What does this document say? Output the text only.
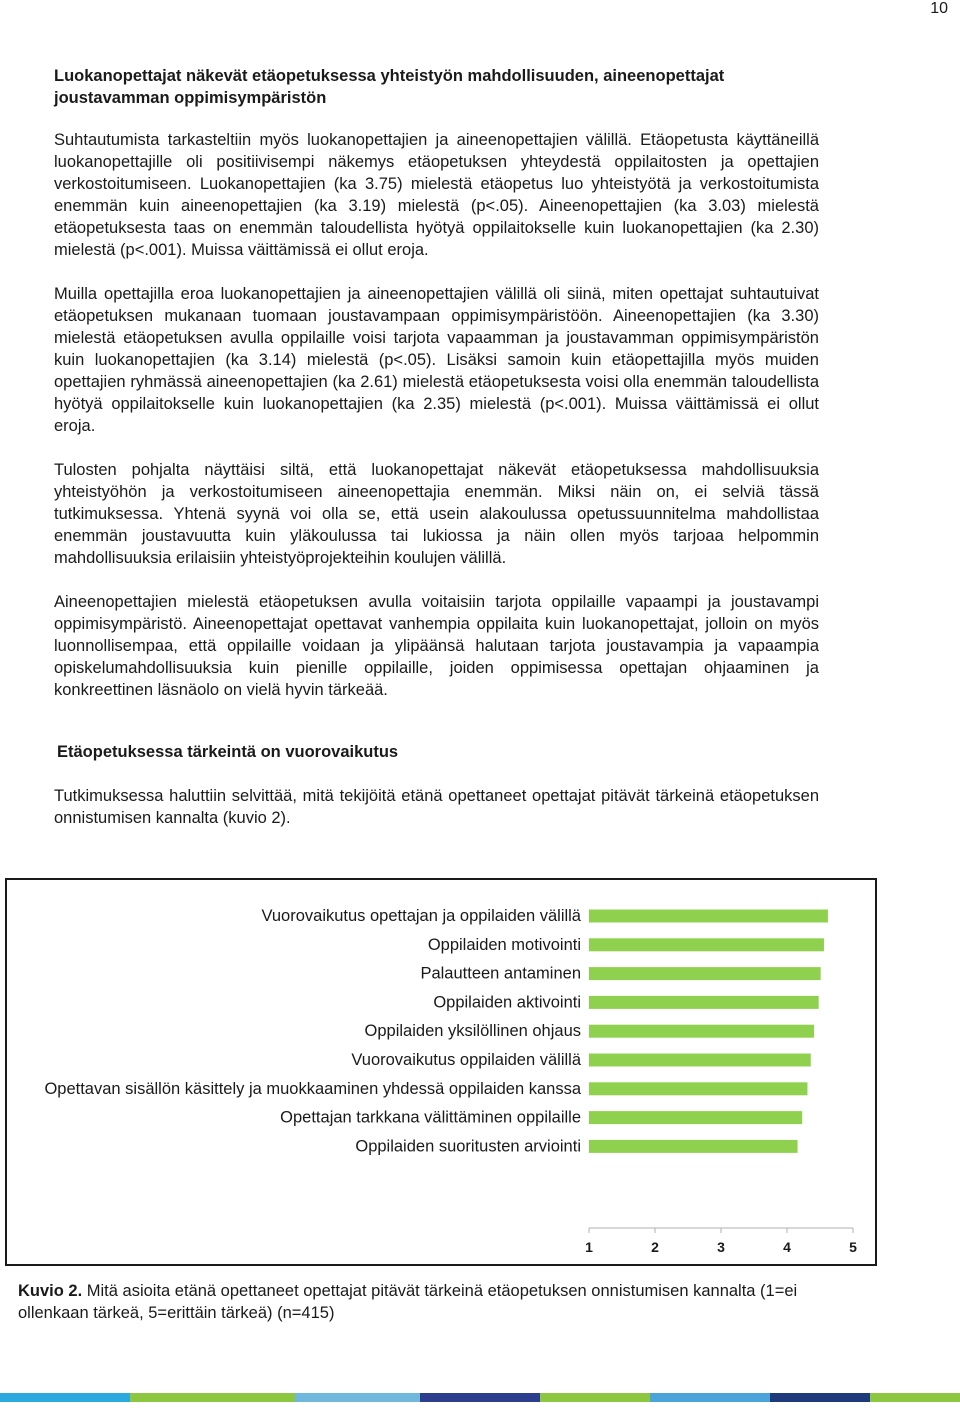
10

Luokanopettajat näkevät etäopetuksessa yhteistyön mahdollisuuden, aineenopettajat joustavamman oppimisympäristön

Suhtautumista tarkasteltiin myös luokanopettajien ja aineenopettajien välillä. Etäopetusta käyttäneillä luokanopettajille oli positiivisempi näkemys etäopetuksen yhteydestä oppilaitosten ja opettajien verkostoitumiseen. Luokanopettajien (ka 3.75) mielestä etäopetus luo yhteistyötä ja verkostoitumista enemmän kuin aineenopettajien (ka 3.19) mielestä (p<.05). Aineenopettajien (ka 3.03) mielestä etäopetuksesta taas on enemmän taloudellista hyötyä oppilaitokselle kuin luokanopettajien (ka 2.30) mielestä (p<.001). Muissa väittämissä ei ollut eroja.

Muilla opettajilla eroa luokanopettajien ja aineenopettajien välillä oli siinä, miten opettajat suhtautuivat etäopetuksen mukanaan tuomaan joustavampaan oppimisympäristöön. Aineenopettajien (ka 3.30) mielestä etäopetuksen avulla oppilaille voisi tarjota vapaamman ja joustavamman oppimisympäristön kuin luokanopettajien (ka 3.14) mielestä (p<.05). Lisäksi samoin kuin etäopettajilla myös muiden opettajien ryhmässä aineenopettajien (ka 2.61) mielestä etäopetuksesta voisi olla enemmän taloudellista hyötyä oppilaitokselle kuin luokanopettajien (ka 2.35) mielestä (p<.001). Muissa väittämissä ei ollut eroja.

Tulosten pohjalta näyttäisi siltä, että luokanopettajat näkevät etäopetuksessa mahdollisuuksia yhteistyöhön ja verkostoitumiseen aineenopettajia enemmän. Miksi näin on, ei selviä tässä tutkimuksessa. Yhtenä syynä voi olla se, että usein alakoulussa opetussuunnitelma mahdollistaa enemmän joustavuutta kuin yläkoulussa tai lukiossa ja näin ollen myös tarjoaa helpommin mahdollisuuksia erilaisiin yhteistyöprojekteihin koulujen välillä.

Aineenopettajien mielestä etäopetuksen avulla voitaisiin tarjota oppilaille vapaampi ja joustavampi oppimisympäristö. Aineenopettajat opettavat vanhempia oppilaita kuin luokanopettajat, jolloin on myös luonnollisempaa, että oppilaille voidaan ja ylipäänsä halutaan tarjota joustavampia ja vapaampia opiskelumahdollisuuksia kuin pienille oppilaille, joiden oppimisessa opettajan ohjaaminen ja konkreettinen läsnäolo on vielä hyvin tärkeää.

Etäopetuksessa tärkeintä on vuorovaikutus

Tutkimuksessa haluttiin selvittää, mitä tekijöitä etänä opettaneet opettajat pitävät tärkeinä etäopetuksen onnistumisen kannalta (kuvio 2).

Vuorovaikutus opettajan ja oppilaiden välillä
Oppilaiden motivointi
Palautteen antaminen
Oppilaiden aktivointi
Oppilaiden yksilöllinen ohjaus
Vuorovaikutus oppilaiden välillä
Opettavan sisällön käsittely ja muokkaaminen yhdessä oppilaiden kanssa
Opettajan tarkkana välittäminen oppilaille
Oppilaiden suoritusten arviointi
1	2	3	4	5

Kuvio 2. Mitä asioita etänä opettaneet opettajat pitävät tärkeinä etäopetuksen onnistumisen kannalta (1=ei ollenkaan tärkeä, 5=erittäin tärkeä) (n=415)
